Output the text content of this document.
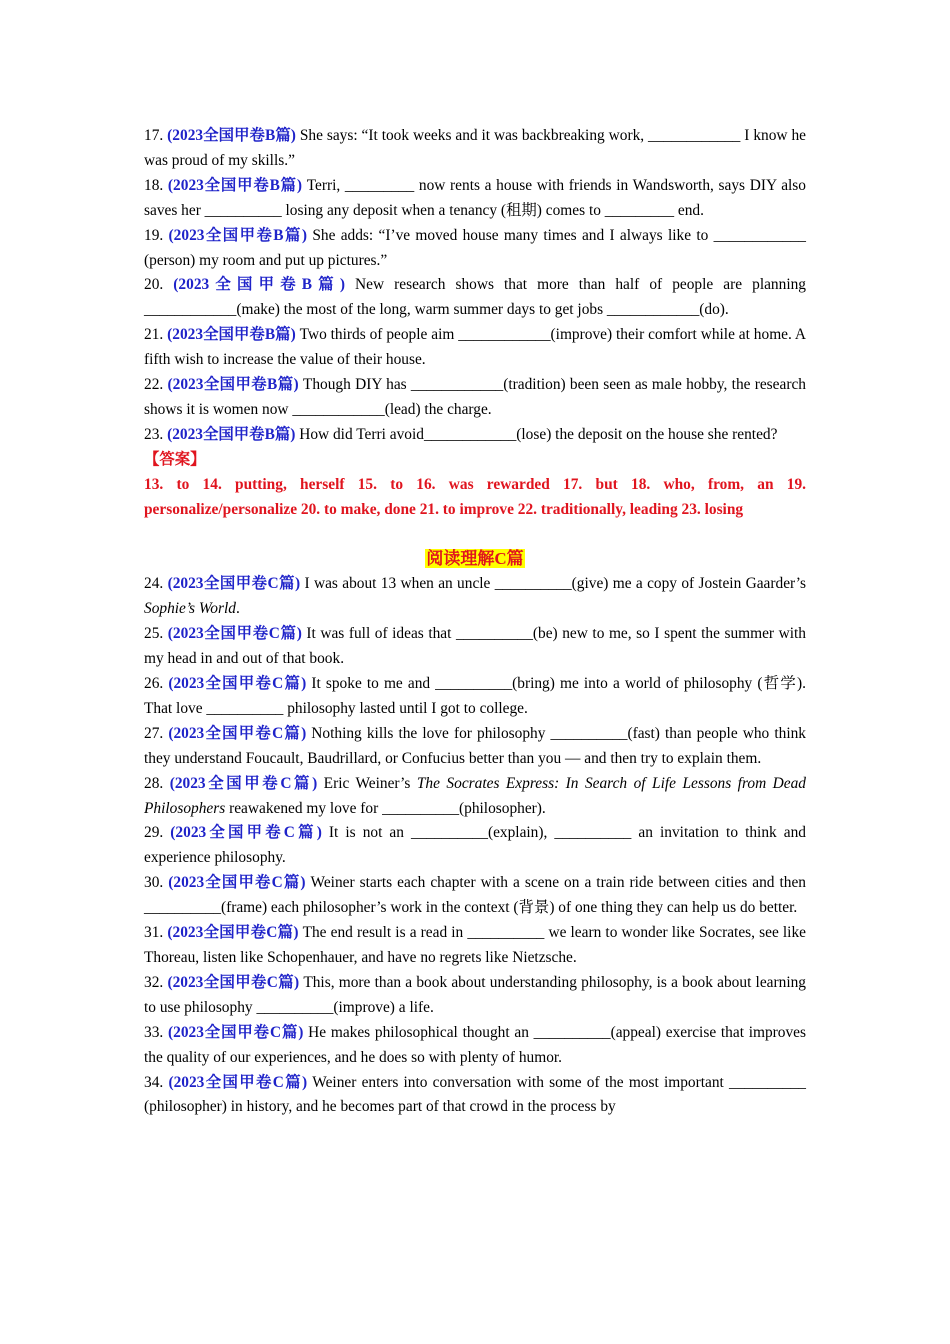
17. (2023全国甲卷B篇) She says: “It took weeks and it was backbreaking work, ____________ I know he was proud of my skills.”

18. (2023全国甲卷B篇) Terri, _________ now rents a house with friends in Wandsworth, says DIY also saves her __________ losing any deposit when a tenancy (租期) comes to _________ end.

19. (2023全国甲卷B篇) She adds: “I’ve moved house many times and I always like to ____________ (person) my room and put up pictures.”

20. (2023全国甲卷B篇) New research shows that more than half of people are planning ____________(make) the most of the long, warm summer days to get jobs ____________(do).

21. (2023全国甲卷B篇) Two thirds of people aim ____________(improve) their comfort while at home. A fifth wish to increase the value of their house.

22. (2023全国甲卷B篇) Though DIY has ____________(tradition) been seen as male hobby, the research shows it is women now ____________(lead) the charge.

23. (2023全国甲卷B篇) How did Terri avoid____________(lose) the deposit on the house she rented?

【答案】

13. to 14. putting, herself 15. to 16. was rewarded 17. but 18. who, from, an 19. personalize/personalize 20. to make, done 21. to improve 22. traditionally, leading 23. losing

阅读理解C篇

24. (2023全国甲卷C篇) I was about 13 when an uncle __________(give) me a copy of Jostein Gaarder’s Sophie’s World.

25. (2023全国甲卷C篇) It was full of ideas that __________(be) new to me, so I spent the summer with my head in and out of that book.

26. (2023全国甲卷C篇) It spoke to me and __________(bring) me into a world of philosophy (哲学). That love __________ philosophy lasted until I got to college.

27. (2023全国甲卷C篇) Nothing kills the love for philosophy __________(fast) than people who think they understand Foucault, Baudrillard, or Confucius better than you — and then try to explain them.

28. (2023全国甲卷C篇) Eric Weiner’s The Socrates Express: In Search of Life Lessons from Dead Philosophers reawakened my love for __________(philosopher).

29. (2023全国甲卷C篇) It is not an __________(explain), __________ an invitation to think and experience philosophy.

30. (2023全国甲卷C篇) Weiner starts each chapter with a scene on a train ride between cities and then __________(frame) each philosopher’s work in the context (背景) of one thing they can help us do better.

31. (2023全国甲卷C篇) The end result is a read in __________ we learn to wonder like Socrates, see like Thoreau, listen like Schopenhauer, and have no regrets like Nietzsche.

32. (2023全国甲卷C篇) This, more than a book about understanding philosophy, is a book about learning to use philosophy __________(improve) a life.

33. (2023全国甲卷C篇) He makes philosophical thought an __________(appeal) exercise that improves the quality of our experiences, and he does so with plenty of humor.

34. (2023全国甲卷C篇) Weiner enters into conversation with some of the most important __________ (philosopher) in history, and he becomes part of that crowd in the process by
